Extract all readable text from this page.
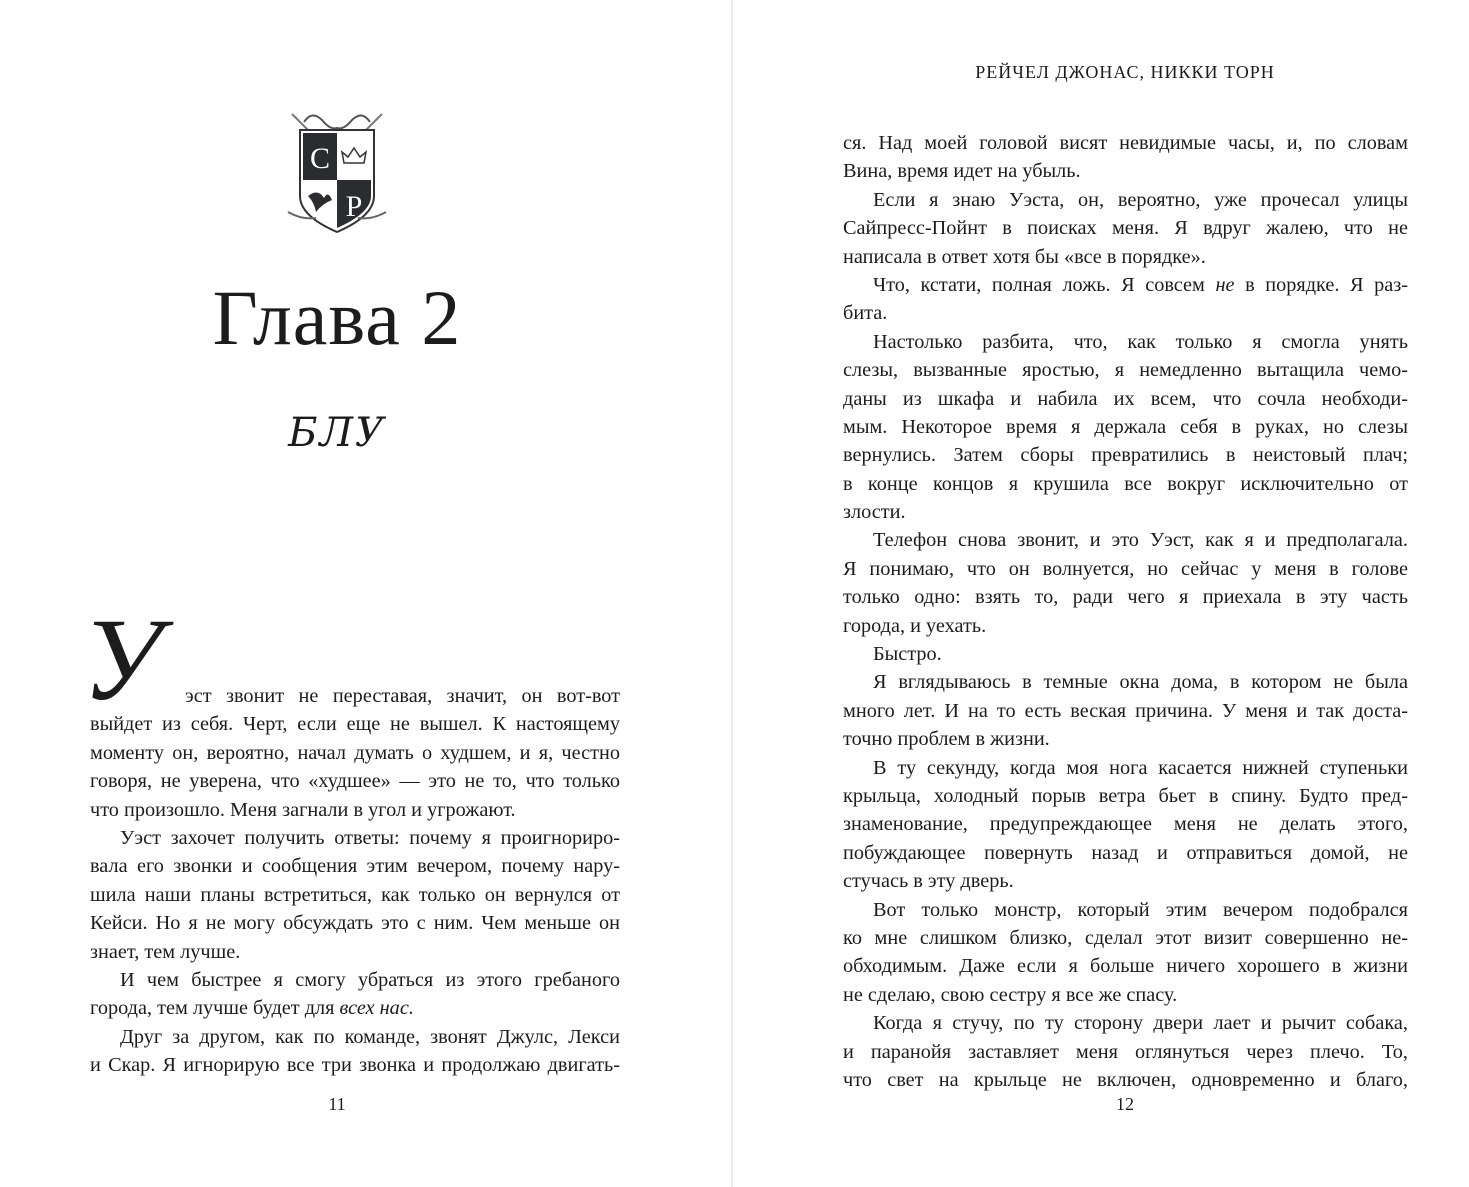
C
P
Глава 2
БЛУ
У	эст звонит не переставая, значит, он вот-вот
выйдет из себя. Черт, если еще не вышел. К настоящему
моменту он, вероятно, начал думать о худшем, и я, честно
говоря, не уверена, что «худшее» — это не то, что только
что произошло. Меня загнали в угол и угрожают.
Уэст захочет получить ответы: почему я проигнориро-
вала его звонки и сообщения этим вечером, почему нару-
шила наши планы встретиться, как только он вернулся от
Кейси. Но я не могу обсуждать это с ним. Чем меньше он
знает, тем лучше.
И чем быстрее я смогу убраться из этого гребаного
города, тем лучше будет для всех нас.
Друг за другом, как по команде, звонят Джулс, Лекси
и Скар. Я игнорирую все три звонка и продолжаю двигать-
11
РЕЙЧЕЛ ДЖОНАС, НИККИ ТОРН
ся. Над моей головой висят невидимые часы, и, по словам
Вина, время идет на убыль.
Если я знаю Уэста, он, вероятно, уже прочесал улицы
Сайпресс-Пойнт в поисках меня. Я вдруг жалею, что не
написала в ответ хотя бы «все в порядке».
Что, кстати, полная ложь. Я совсем не в порядке. Я раз-
бита.
Настолько разбита, что, как только я смогла унять
слезы, вызванные яростью, я немедленно вытащила чемо-
даны из шкафа и набила их всем, что сочла необходи-
мым. Некоторое время я держала себя в руках, но слезы
вернулись. Затем сборы превратились в неистовый плач;
в конце концов я крушила все вокруг исключительно от
злости.
Телефон снова звонит, и это Уэст, как я и предполагала.
Я понимаю, что он волнуется, но сейчас у меня в голове
только одно: взять то, ради чего я приехала в эту часть
города, и уехать.
Быстро.
Я вглядываюсь в темные окна дома, в котором не была
много лет. И на то есть веская причина. У меня и так доста-
точно проблем в жизни.
В ту секунду, когда моя нога касается нижней ступеньки
крыльца, холодный порыв ветра бьет в спину. Будто пред-
знаменование, предупреждающее меня не делать этого,
побуждающее повернуть назад и отправиться домой, не
стучась в эту дверь.
Вот только монстр, который этим вечером подобрался
ко мне слишком близко, сделал этот визит совершенно не-
обходимым. Даже если я больше ничего хорошего в жизни
не сделаю, свою сестру я все же спасу.
Когда я стучу, по ту сторону двери лает и рычит собака,
и паранойя заставляет меня оглянуться через плечо. То,
что свет на крыльце не включен, одновременно и благо,
12
